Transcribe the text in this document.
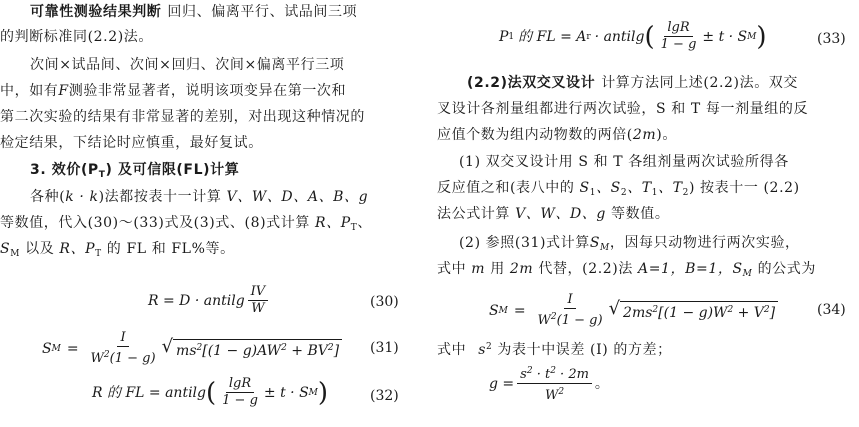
可靠性测验结果判断 回归、偏离平行、试品间三项
的判断标准同(2.2)法。
次间×试品间、次间×回归、次间×偏离平行三项
中，如有F测验非常显著者，说明该项变异在第一次和
第二次实验的结果有非常显著的差别，对出现这种情况的
检定结果，下结论时应慎重，最好复试。
3. 效价$(P_T)$ 及可信限(FL)计算
各种(k · k)法都按表十一计算 V、W、D、A、B、g
等数值，代入(30)～(33)式及(3)式、(8)式计算 R、$P_T$、
$S_M$ 以及 R、$P_T$ 的 FL 和 FL%等。
R = D · antilg $\frac{IV}{W}$	(30)
S $M = \frac{I}{W^2(1 - g)}$ √ $ms^2[(1 - g)AW^2 + BV^2]$ (31)
R 的 FL = antilg ( $\frac{\lg R}{1 - g} \pm t \cdot S$ M )	(32)
P 1 的 FL = A r · antilg ( $\frac{\lg R}{1 - g} \pm t \cdot S$ M )	(33)
(2.2)法双交叉设计 计算方法同上述(2.2)法。双交
叉设计各剂量组都进行两次试验，S 和 T 每一剂量组的反
应值个数为组内动物数的两倍(2m)。
(1) 双交叉设计用 S 和 T 各组剂量两次试验所得各
反应值之和(表八中的 $S_1$、$S_2$、$T_1$、$T_2$) 按表十一 (2.2)
法公式计算 V、W、D、g 等数值。
(2) 参照(31)式计算$S_M$，因每只动物进行两次实验，
式中 m 用 2m 代替，(2.2)法 A=1，B=1，$S_M$ 的公式为
S $M = \frac{I}{W^2(1 - g)}$ √ $2ms^2[(1 - g)W^2 + V^2]$	(34)
式中 $s^2$ 为表十中误差 (Ⅰ) 的方差；
$g = \frac{s^2 \cdot t^2 \cdot 2m}{W^2}$ 。
